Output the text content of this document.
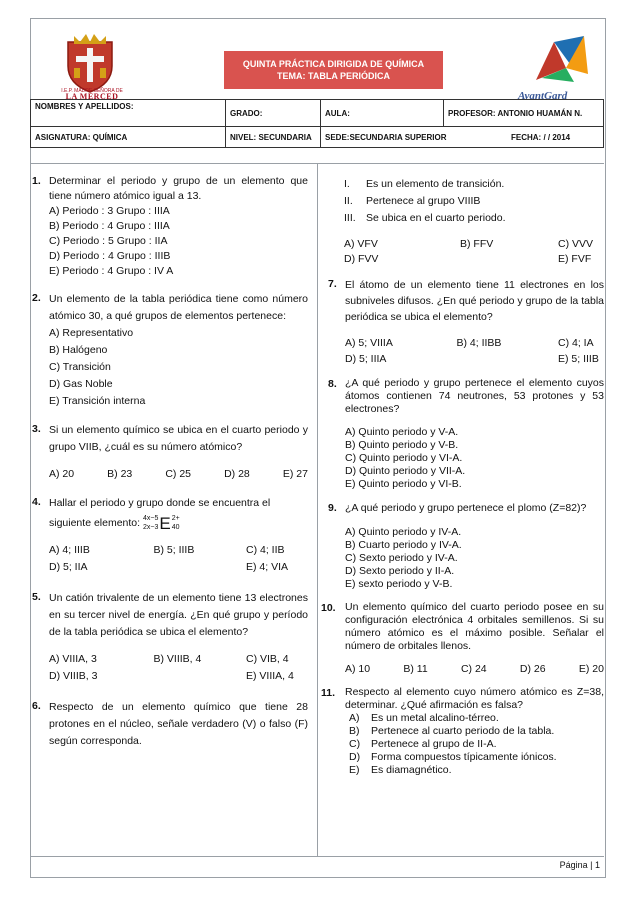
I.E.P. MADRE SEÑORA DE
LA MERCED
QUINTA PRÁCTICA DIRIGIDA DE QUÍMICA
TEMA: TABLA PERIÓDICA
AvantGard
NOMBRES Y APELLIDOS:	GRADO:	AULA:	PROFESOR: ANTONIO HUAMÁN N.	
ASIGNATURA: QUÍMICA	NIVEL: SECUNDARIA	SEDE:SECUNDARIA SUPERIOR		FECHA: / / 2014
1. Determinar el periodo y grupo de un elemento que tiene número atómico igual a 13.
A) Periodo : 3 Grupo : IIIA
B) Periodo : 4 Grupo : IIIA
C) Periodo : 5 Grupo : IIA
D) Periodo : 4 Grupo : IIIB
E) Periodo : 4 Grupo : IV A
2. Un elemento de la tabla periódica tiene como número atómico 30, a qué grupos de elementos pertenece:
A) Representativo
B) Halógeno
C) Transición
D) Gas Noble
E) Transición interna
3. Si un elemento químico se ubica en el cuarto periodo y grupo VIIB, ¿cuál es su número atómico?
A) 20	B) 23	C) 25	D) 28	E) 27
4. Hallar el periodo y grupo donde se encuentra el
siguiente elemento: 4x−5
2x−3 E 2+
40
A) 4; IIIB	B) 5; IIIB	C) 4; IIB
D) 5; IIA	E) 4; VIA
5. Un catión trivalente de un elemento tiene 13 electrones en su tercer nivel de energía. ¿En qué grupo y período de la tabla periódica se ubica el elemento?
A) VIIIA, 3	B) VIIIB, 4	C) VIB, 4
D) VIIIB, 3	E) VIIIA, 4
6. Respecto de un elemento químico que tiene 28 protones en el núcleo, señale verdadero (V) o falso (F) según corresponda.
I.	Es un elemento de transición.
II.	Pertenece al grupo VIIIB
III. Se ubica en el cuarto periodo.
A) VFV	B) FFV	C) VVV
D) FVV	E) FVF
7. El átomo de un elemento tiene 11 electrones en los subniveles difusos. ¿En qué periodo y grupo de la tabla periódica se ubica el elemento?
A) 5; VIIIA	B) 4; IIBB	C) 4; IA
D) 5; IIIA	E) 5; IIIB
8. ¿A qué periodo y grupo pertenece el elemento cuyos átomos contienen 74 neutrones, 53 protones y 53 electrones?
A) Quinto periodo y V-A.
B) Quinto periodo y V-B.
C) Quinto periodo y VI-A.
D) Quinto periodo y VII-A.
E) Quinto periodo y VI-B.
9. ¿A qué periodo y grupo pertenece el plomo (Z=82)?
A) Quinto periodo y IV-A.
B) Cuarto periodo y IV-A.
C) Sexto periodo y IV-A.
D) Sexto periodo y II-A.
E) sexto periodo y V-B.
10. Un elemento químico del cuarto periodo posee en su configuración electrónica 4 orbitales semillenos. Si su número atómico es el máximo posible. Señalar el número de orbitales llenos.
A) 10	B) 11	C) 24	D) 26	E) 20
11. Respecto al elemento cuyo número atómico es Z=38, determinar. ¿Qué afirmación es falsa?
A)	Es un metal alcalino-térreo.
B)	Pertenece al cuarto periodo de la tabla.
C)	Pertenece al grupo de II-A.
D)	Forma compuestos típicamente iónicos.
E)	Es diamagnético.
Página | 1
